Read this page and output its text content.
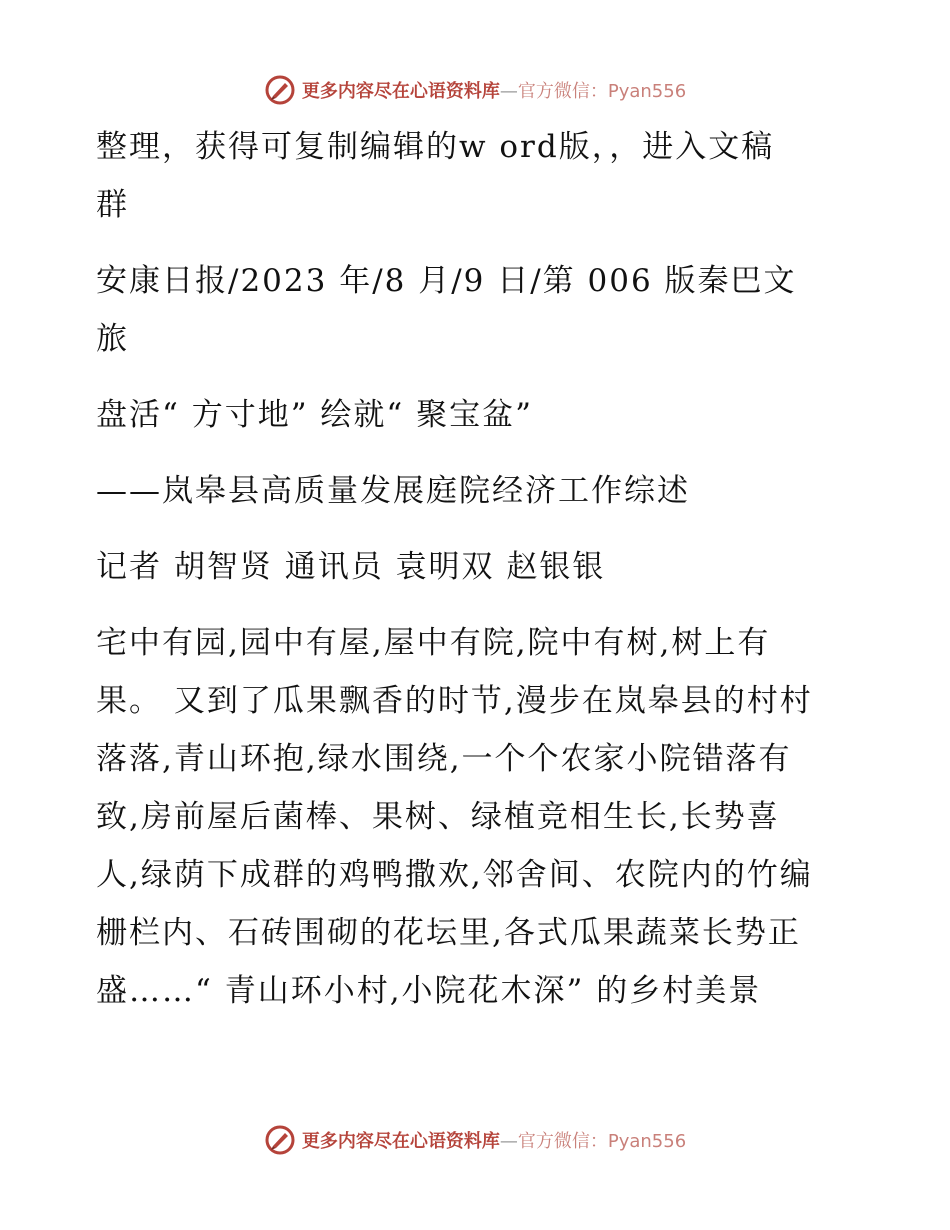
更多内容尽在心语资料库—官方微信：Pyan556
整理，获得可复制编辑的w ord版，，进入文稿
群
安康日报/2023 年/8 月/9 日/第 006 版秦巴文
旅
盘活“ 方寸地” 绘就“ 聚宝盆”
——岚皋县高质量发展庭院经济工作综述
记者 胡智贤 通讯员 袁明双 赵银银
宅中有园,园中有屋,屋中有院,院中有树,树上有
果。 又到了瓜果飘香的时节,漫步在岚皋县的村村
落落,青山环抱,绿水围绕,一个个农家小院错落有
致,房前屋后菌棒、果树、绿植竞相生长,长势喜
人,绿荫下成群的鸡鸭撒欢,邻舍间、农院内的竹编
栅栏内、石砖围砌的花坛里,各式瓜果蔬菜长势正
盛……“ 青山环小村,小院花木深” 的乡村美景
更多内容尽在心语资料库—官方微信：Pyan556
